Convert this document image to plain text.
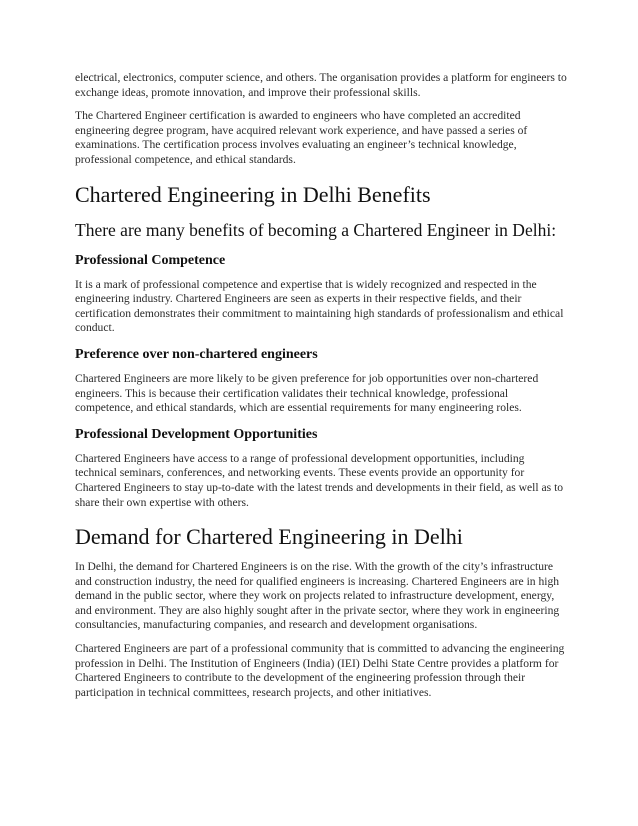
electrical, electronics, computer science, and others. The organisation provides a platform for engineers to exchange ideas, promote innovation, and improve their professional skills.

The Chartered Engineer certification is awarded to engineers who have completed an accredited engineering degree program, have acquired relevant work experience, and have passed a series of examinations. The certification process involves evaluating an engineer’s technical knowledge, professional competence, and ethical standards.

Chartered Engineering in Delhi Benefits
There are many benefits of becoming a Chartered Engineer in Delhi:
Professional Competence

It is a mark of professional competence and expertise that is widely recognized and respected in the engineering industry. Chartered Engineers are seen as experts in their respective fields, and their certification demonstrates their commitment to maintaining high standards of professionalism and ethical conduct.

Preference over non-chartered engineers

Chartered Engineers are more likely to be given preference for job opportunities over non-chartered engineers. This is because their certification validates their technical knowledge, professional competence, and ethical standards, which are essential requirements for many engineering roles.

Professional Development Opportunities

Chartered Engineers have access to a range of professional development opportunities, including technical seminars, conferences, and networking events. These events provide an opportunity for Chartered Engineers to stay up-to-date with the latest trends and developments in their field, as well as to share their own expertise with others.

Demand for Chartered Engineering in Delhi

In Delhi, the demand for Chartered Engineers is on the rise. With the growth of the city’s infrastructure and construction industry, the need for qualified engineers is increasing. Chartered Engineers are in high demand in the public sector, where they work on projects related to infrastructure development, energy, and environment. They are also highly sought after in the private sector, where they work in engineering consultancies, manufacturing companies, and research and development organisations.

Chartered Engineers are part of a professional community that is committed to advancing the engineering profession in Delhi. The Institution of Engineers (India) (IEI) Delhi State Centre provides a platform for Chartered Engineers to contribute to the development of the engineering profession through their participation in technical committees, research projects, and other initiatives.
